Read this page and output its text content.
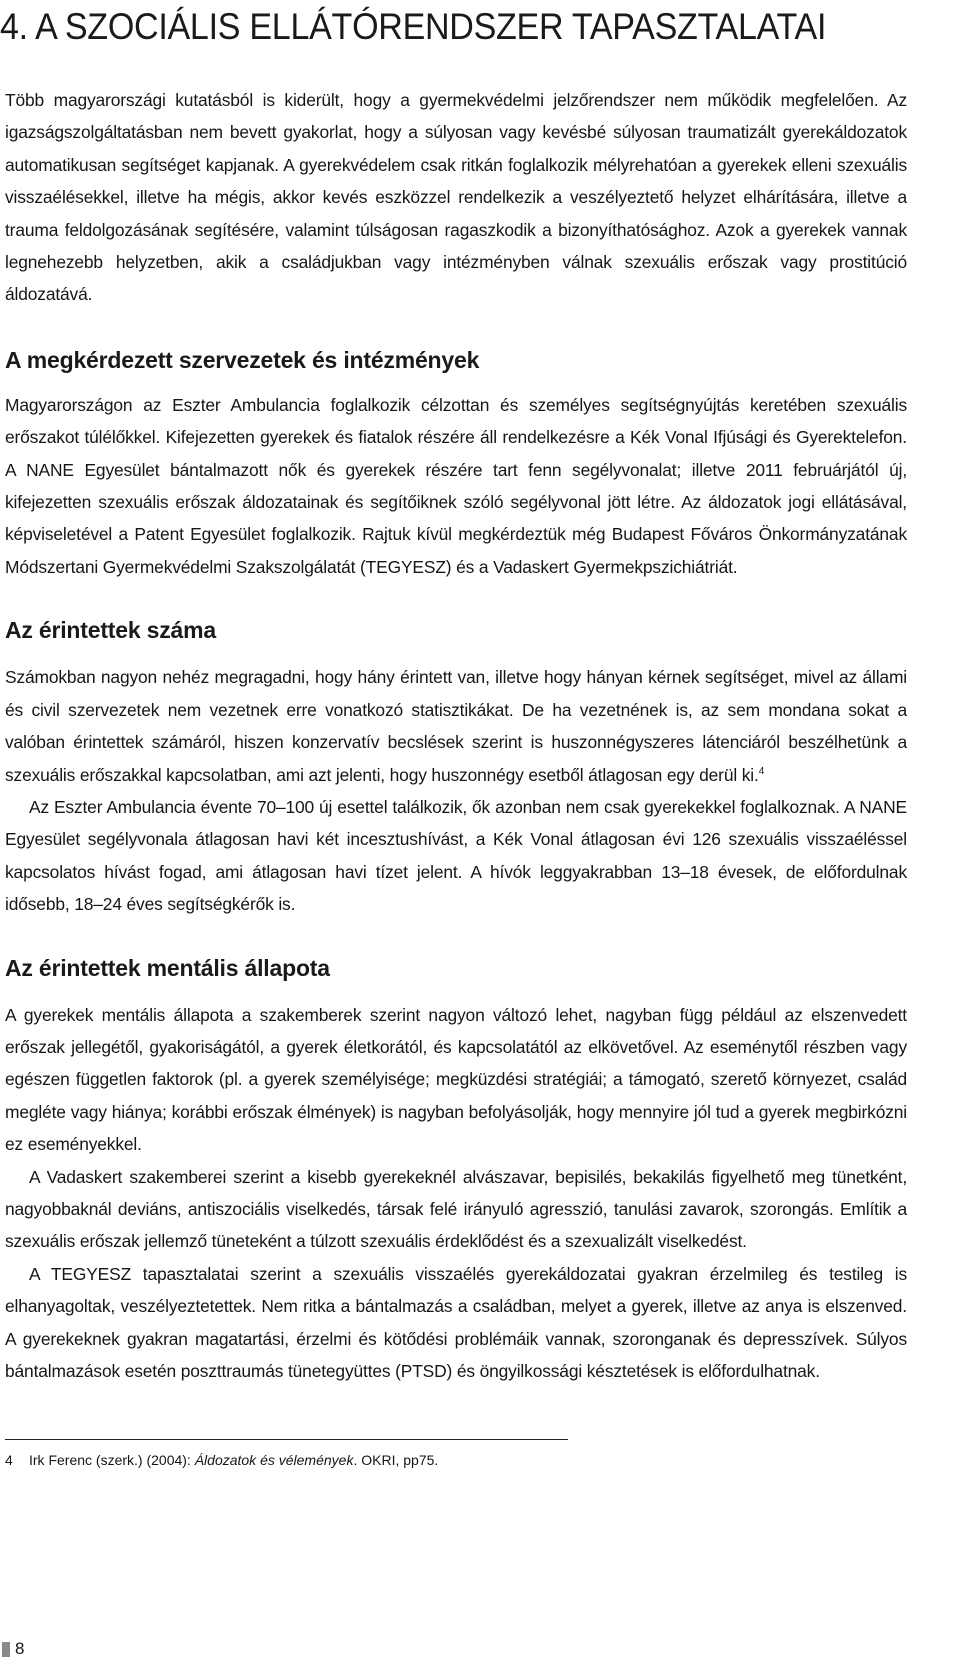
4. A SZOCIÁLIS ELLÁTÓRENDSZER TAPASZTALATAI

Több magyarországi kutatásból is kiderült, hogy a gyermekvédelmi jelzőrendszer nem működik megfelelően. Az igazságszolgáltatásban nem bevett gyakorlat, hogy a súlyosan vagy kevésbé súlyosan traumatizált gyerekáldozatok automatikusan segítséget kapjanak. A gyerekvédelem csak ritkán foglalkozik mélyrehatóan a gyerekek elleni szexuális visszaélésekkel, illetve ha mégis, akkor kevés eszközzel rendelkezik a veszélyeztető helyzet elhárítására, illetve a trauma feldolgozásának segítésére, valamint túlságosan ragaszkodik a bizonyíthatósághoz. Azok a gyerekek vannak legnehezebb helyzetben, akik a családjukban vagy intézményben válnak szexuális erőszak vagy prostitúció áldozatává.

A megkérdezett szervezetek és intézmények

Magyarországon az Eszter Ambulancia foglalkozik célzottan és személyes segítségnyújtás keretében szexuális erőszakot túlélőkkel. Kifejezetten gyerekek és fiatalok részére áll rendelkezésre a Kék Vonal Ifjúsági és Gyerektelefon. A NANE Egyesület bántalmazott nők és gyerekek részére tart fenn segélyvonalat; illetve 2011 februárjától új, kifejezetten szexuális erőszak áldozatainak és segítőiknek szóló segélyvonal jött létre. Az áldozatok jogi ellátásával, képviseletével a Patent Egyesület foglalkozik. Rajtuk kívül megkérdeztük még Budapest Főváros Önkormányzatának Módszertani Gyermekvédelmi Szakszolgálatát (TEGYESZ) és a Vadaskert Gyermekpszichiátriát.

Az érintettek száma

Számokban nagyon nehéz megragadni, hogy hány érintett van, illetve hogy hányan kérnek segítséget, mivel az állami és civil szervezetek nem vezetnek erre vonatkozó statisztikákat. De ha vezetnének is, az sem mondana sokat a valóban érintettek számáról, hiszen konzervatív becslések szerint is huszonnégyszeres látenciáról beszélhetünk a szexuális erőszakkal kapcsolatban, ami azt jelenti, hogy huszonnégy esetből átlagosan egy derül ki.$^4$

Az Eszter Ambulancia évente 70–100 új esettel találkozik, ők azonban nem csak gyerekekkel foglalkoznak. A NANE Egyesület segélyvonala átlagosan havi két incesztushívást, a Kék Vonal átlagosan évi 126 szexuális visszaéléssel kapcsolatos hívást fogad, ami átlagosan havi tízet jelent. A hívók leggyakrabban 13–18 évesek, de előfordulnak idősebb, 18–24 éves segítségkérők is.

Az érintettek mentális állapota

A gyerekek mentális állapota a szakemberek szerint nagyon változó lehet, nagyban függ például az elszenvedett erőszak jellegétől, gyakoriságától, a gyerek életkorától, és kapcsolatától az elkövetővel. Az eseménytől részben vagy egészen független faktorok (pl. a gyerek személyisége; megküzdési stratégiái; a támogató, szerető környezet, család megléte vagy hiánya; korábbi erőszak élmények) is nagyban befolyásolják, hogy mennyire jól tud a gyerek megbirkózni ez eseményekkel.

A Vadaskert szakemberei szerint a kisebb gyerekeknél alvászavar, bepisilés, bekakilás figyelhető meg tünetként, nagyobbaknál deviáns, antiszociális viselkedés, társak felé irányuló agresszió, tanulási zavarok, szorongás. Említik a szexuális erőszak jellemző tüneteként a túlzott szexuális érdeklődést és a szexualizált viselkedést.

A TEGYESZ tapasztalatai szerint a szexuális visszaélés gyerekáldozatai gyakran érzelmileg és testileg is elhanyagoltak, veszélyeztetettek. Nem ritka a bántalmazás a családban, melyet a gyerek, illetve az anya is elszenved. A gyerekeknek gyakran magatartási, érzelmi és kötődési problémáik vannak, szoronganak és depresszívek. Súlyos bántalmazások esetén poszttraumás tünetegyüttes (PTSD) és öngyilkossági késztetések is előfordulhatnak.

4 Irk Ferenc (szerk.) (2004): Áldozatok és vélemények. OKRI, pp75.
8
